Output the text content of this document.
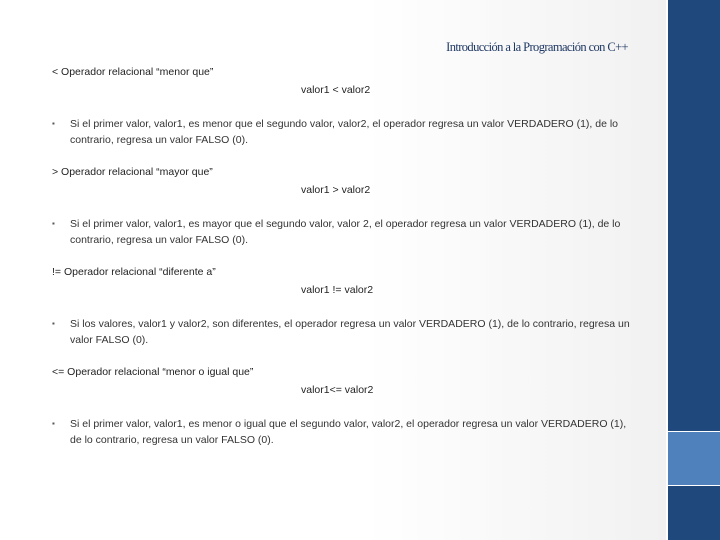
Introducción a la Programación con C++
< Operador relacional “menor que”
valor1 < valor2
▪ Si el primer valor, valor1, es menor que el segundo valor, valor2, el operador regresa un valor VERDADERO (1), de lo contrario, regresa un valor FALSO (0).
> Operador relacional “mayor que”
valor1 > valor2
▪ Si el primer valor, valor1, es mayor que el segundo valor, valor 2, el operador regresa un valor VERDADERO (1), de lo contrario, regresa un valor FALSO (0).
!= Operador relacional “diferente a”
valor1 != valor2
▪ Si los valores, valor1 y valor2, son diferentes, el operador regresa un valor VERDADERO (1), de lo contrario, regresa un valor FALSO (0).
<= Operador relacional “menor o igual que”
valor1<= valor2
▪ Si el primer valor, valor1, es menor o igual que el segundo valor, valor2, el operador regresa un valor VERDADERO (1), de lo contrario, regresa un valor FALSO (0).
